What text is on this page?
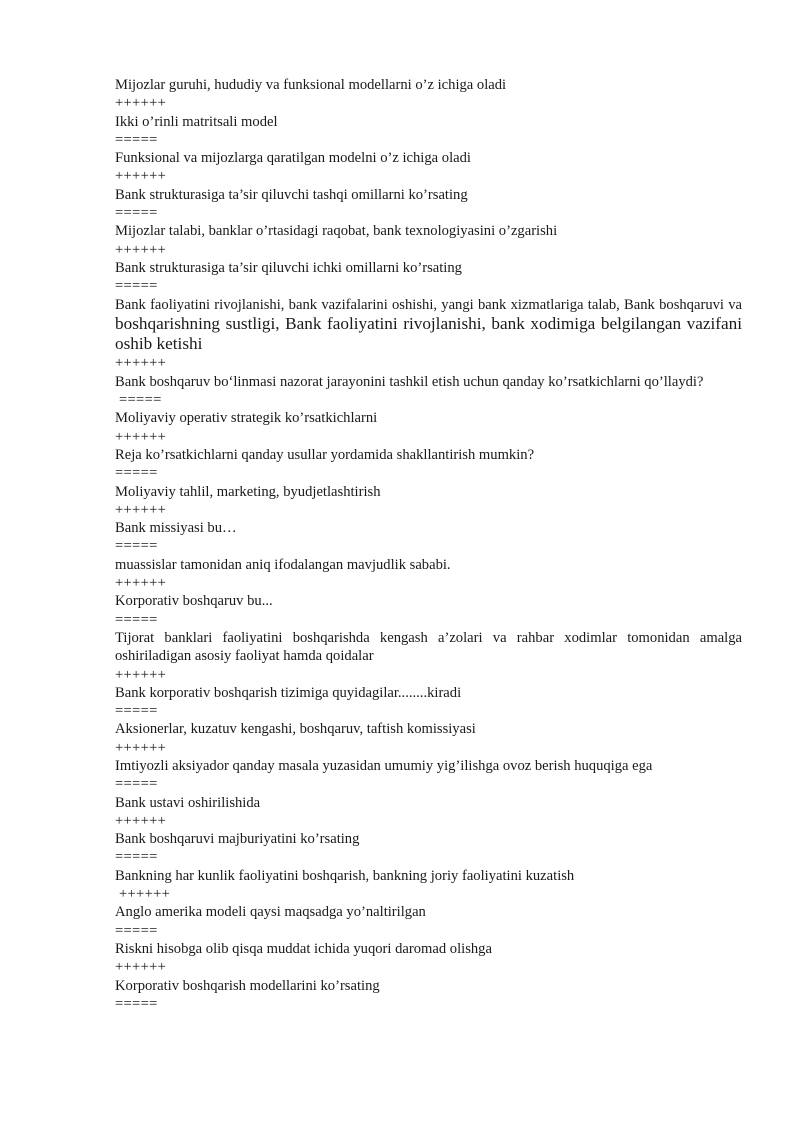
Mijozlar guruhi, hududiy va funksional modellarni o’z ichiga oladi
++++++
Ikki o’rinli matritsali model
=====
Funksional va mijozlarga qaratilgan modelni o’z ichiga oladi
++++++
Bank strukturasiga ta’sir qiluvchi tashqi omillarni ko’rsating
=====
Mijozlar talabi, banklar o’rtasidagi raqobat, bank texnologiyasini o’zgarishi
++++++
Bank strukturasiga ta’sir qiluvchi ichki omillarni ko’rsating
=====
Bank faoliyatini rivojlanishi, bank vazifalarini oshishi, yangi bank xizmatlariga talab, Bank boshqaruvi va boshqarishning sustligi, Bank faoliyatini rivojlanishi, bank xodimiga belgilangan vazifani oshib ketishi
++++++
Bank boshqaruv bo‘linmasi nazorat jarayonini tashkil etish uchun qanday ko’rsatkichlarni qo’llaydi?
=====
Moliyaviy operativ strategik ko’rsatkichlarni
++++++
Reja ko’rsatkichlarni qanday usullar yordamida shakllantirish mumkin?
=====
Moliyaviy tahlil, marketing, byudjetlashtirish
++++++
Bank missiyasi bu…
=====
muassislar tamonidan aniq ifodalangan mavjudlik sababi.
++++++
Korporativ boshqaruv bu...
=====
Tijorat banklari faoliyatini boshqarishda kengash a’zolari va rahbar xodimlar tomonidan amalga oshiriladigan asosiy faoliyat hamda qoidalar
++++++
Bank korporativ boshqarish tizimiga quyidagilar........kiradi
=====
Aksionerlar, kuzatuv kengashi, boshqaruv, taftish komissiyasi
++++++
Imtiyozli aksiyador qanday masala yuzasidan umumiy yig’ilishga ovoz berish huquqiga ega
=====
Bank ustavi oshirilishida
++++++
Bank boshqaruvi majburiyatini ko’rsating
=====
Bankning har kunlik faoliyatini boshqarish, bankning joriy faoliyatini kuzatish
++++++
Anglo amerika modeli qaysi maqsadga yo’naltirilgan
=====
Riskni hisobga olib qisqa muddat ichida yuqori daromad olishga
++++++
Korporativ boshqarish modellarini ko’rsating
=====
